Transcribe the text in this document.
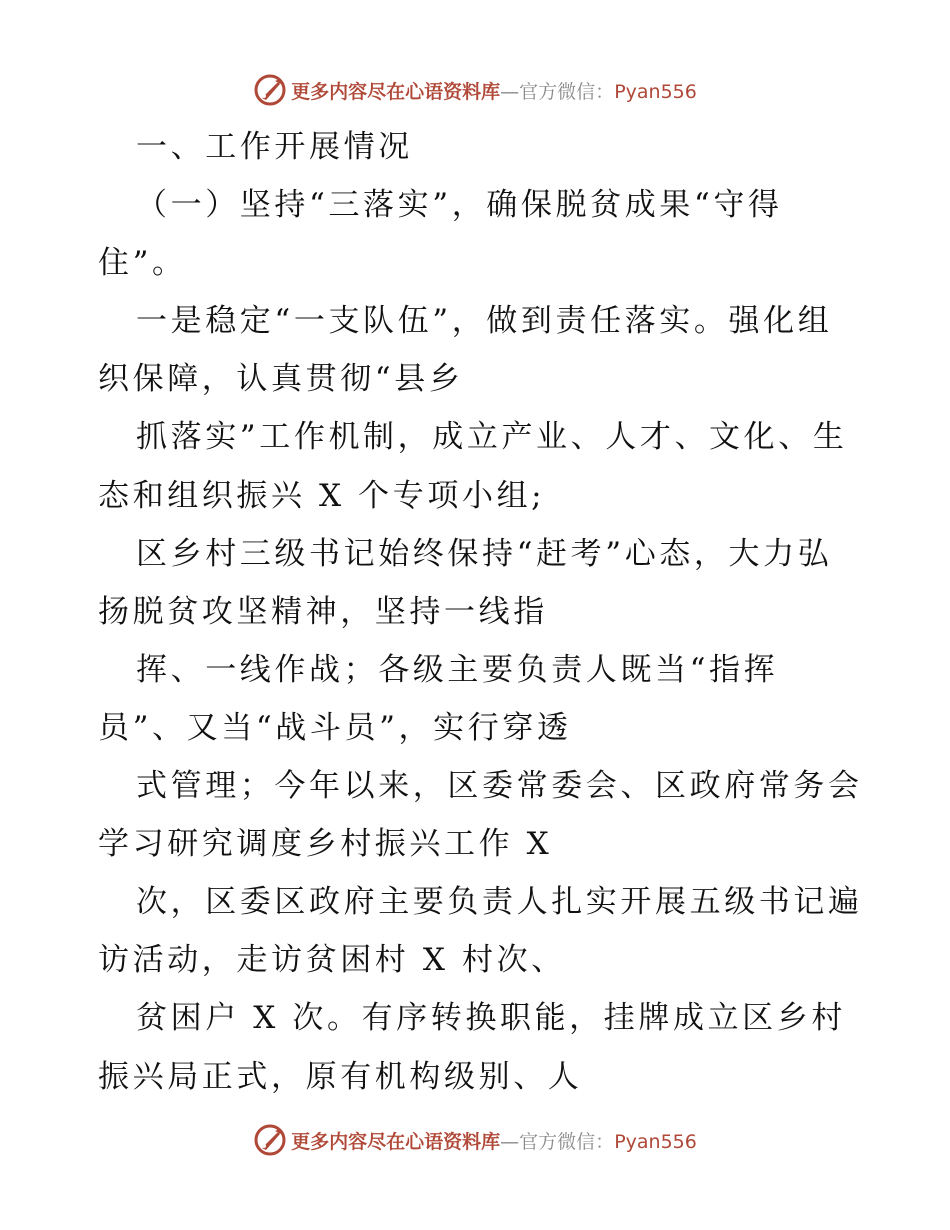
更多内容尽在心语资料库—官方微信：Pyan556
一、工作开展情况
（一）坚持“三落实”，确保脱贫成果“守得
住”。
一是稳定“一支队伍”，做到责任落实。强化组
织保障，认真贯彻“县乡
抓落实”工作机制，成立产业、人才、文化、生
态和组织振兴 X 个专项小组;
区乡村三级书记始终保持“赶考”心态，大力弘
扬脱贫攻坚精神，坚持一线指
挥、一线作战；各级主要负责人既当“指挥
员”、又当“战斗员”，实行穿透
式管理；今年以来，区委常委会、区政府常务会
学习研究调度乡村振兴工作 X
次，区委区政府主要负责人扎实开展五级书记遍
访活动，走访贫困村 X 村次、
贫困户 X 次。有序转换职能，挂牌成立区乡村
振兴局正式，原有机构级别、人
更多内容尽在心语资料库—官方微信：Pyan556
